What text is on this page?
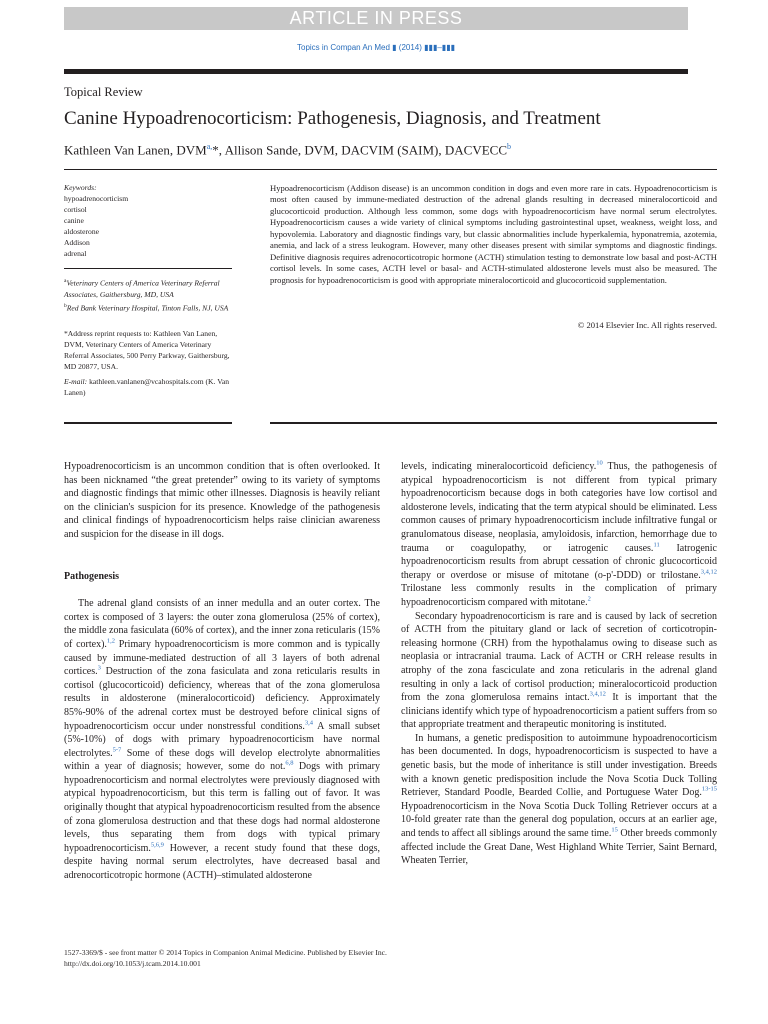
ARTICLE IN PRESS
Topics in Compan An Med ▮ (2014) ▮▮▮–▮▮▮
Topical Review
Canine Hypoadrenocorticism: Pathogenesis, Diagnosis, and Treatment
Kathleen Van Lanen, $DVM^{a,}*$, Allison Sande, DVM, DACVIM (SAIM), DACVECC$^b$

Keywords:

hypoadrenocorticism

cortisol

canine

aldosterone

Addison

adrenal

$^a$Veterinary Centers of America Veterinary Referral Associates, Gaithersburg, MD, USA

$^b$Red Bank Veterinary Hospital, Tinton Falls, NJ, USA

*Address reprint requests to: Kathleen Van Lanen, DVM, Veterinary Centers of America Veterinary Referral Associates, 500 Perry Parkway, Gaithersburg, MD 20877, USA.

E-mail: kathleen.vanlanen@vcahospitals.com (K. Van Lanen)

Hypoadrenocorticism (Addison disease) is an uncommon condition in dogs and even more rare in cats. Hypoadrenocorticism is most often caused by immune-mediated destruction of the adrenal glands resulting in decreased mineralocorticoid and glucocorticoid production. Although less common, some dogs with hypoadrenocorticism have normal serum electrolytes. Hypoadrenocorticism causes a wide variety of clinical symptoms including gastrointestinal upset, weakness, weight loss, and hypovolemia. Laboratory and diagnostic findings vary, but classic abnormalities include hyperkalemia, hyponatremia, azotemia, anemia, and lack of a stress leukogram. However, many other diseases present with similar symptoms and diagnostic findings. Definitive diagnosis requires adrenocorticotropic hormone (ACTH) stimulation testing to demonstrate low basal and post-ACTH cortisol levels. In some cases, ACTH level or basal- and ACTH-stimulated aldosterone levels must also be measured. The prognosis for hypoadrenocorticism is good with appropriate mineralocorticoid and glucocorticoid supplementation.

© 2014 Elsevier Inc. All rights reserved.

Hypoadrenocorticism is an uncommon condition that is often overlooked. It has been nicknamed “the great pretender” owing to its variety of symptoms and diagnostic findings that mimic other illnesses. Diagnosis is heavily reliant on the clinician's suspicion for its presence. Knowledge of the pathogenesis and clinical findings of hypoadrenocorticism helps raise clinician awareness and suspicion for the disease in ill dogs.

Pathogenesis

The adrenal gland consists of an inner medulla and an outer cortex. The cortex is composed of 3 layers: the outer zona glomerulosa (25% of cortex), the middle zona fasiculata (60% of cortex), and the inner zona reticularis (15% of cortex).$^{1,2}$ Primary hypoadrenocorticism is more common and is typically caused by immune-mediated destruction of all 3 layers of both adrenal cortices.$^3$ Destruction of the zona fasiculata and zona reticularis results in cortisol (glucocorticoid) deficiency, whereas that of the zona glomerulosa results in aldosterone (mineralocorticoid) deficiency. Approximately 85%-90% of the adrenal cortex must be destroyed before clinical signs of hypoadrenocorticism occur under nonstressful conditions.$^{3,4}$ A small subset (5%-10%) of dogs with primary hypoadrenocorticism have normal electrolytes.$^{5-7}$ Some of these dogs will develop electrolyte abnormalities within a year of diagnosis; however, some do not.$^{6,8}$ Dogs with primary hypoadrenocorticism and normal electrolytes were previously diagnosed with atypical hypoadrenocorticism, but this term is falling out of favor. It was originally thought that atypical hypoadrenocorticism resulted from the absence of zona glomerulosa destruction and that these dogs had normal aldosterone levels, thus separating them from dogs with typical primary hypoadrenocorticism.$^{5,6,9}$ However, a recent study found that these dogs, despite having normal serum electrolytes, have decreased basal and adrenocorticotropic hormone (ACTH)–stimulated aldosterone

levels, indicating mineralocorticoid deficiency.$^{10}$ Thus, the pathogenesis of atypical hypoadrenocorticism is not different from typical primary hypoadrenocorticism because dogs in both categories have low cortisol and aldosterone levels, indicating that the term atypical should be eliminated. Less common causes of primary hypoadrenocorticism include infiltrative fungal or granulomatous disease, neoplasia, amyloidosis, infarction, hemorrhage due to trauma or coagulopathy, or iatrogenic causes.$^{11}$ Iatrogenic hypoadrenocorticism results from abrupt cessation of chronic glucocorticoid therapy or overdose or misuse of mitotane (o-p'-DDD) or trilostane.$^{3,4,12}$ Trilostane less commonly results in the complication of primary hypoadrenocorticism compared with mitotane.$^2$

Secondary hypoadrenocorticism is rare and is caused by lack of secretion of ACTH from the pituitary gland or lack of secretion of corticotropin-releasing hormone (CRH) from the hypothalamus owing to disease such as neoplasia or intracranial trauma. Lack of ACTH or CRH release results in atrophy of the zona fasciculate and zona reticularis in the adrenal gland resulting in only a lack of cortisol production; mineralocorticoid production from the zona glomerulosa remains intact.$^{3,4,12}$ It is important that the clinicians identify which type of hypoadrenocorticism a patient suffers from so that appropriate treatment and therapeutic monitoring is instituted.

In humans, a genetic predisposition to autoimmune hypoadrenocorticism has been documented. In dogs, hypoadrenocorticism is suspected to have a genetic basis, but the mode of inheritance is still under investigation. Breeds with a known genetic predisposition include the Nova Scotia Duck Tolling Retriever, Standard Poodle, Bearded Collie, and Portuguese Water Dog.$^{13-15}$ Hypoadrenocorticism in the Nova Scotia Duck Tolling Retriever occurs at a 10-fold greater rate than the general dog population, occurs at an earlier age, and tends to affect all siblings around the same time.$^{15}$ Other breeds commonly affected include the Great Dane, West Highland White Terrier, Saint Bernard, Wheaten Terrier,

1527-3369/$ - see front matter © 2014 Topics in Companion Animal Medicine. Published by Elsevier Inc.
http://dx.doi.org/10.1053/j.tcam.2014.10.001
